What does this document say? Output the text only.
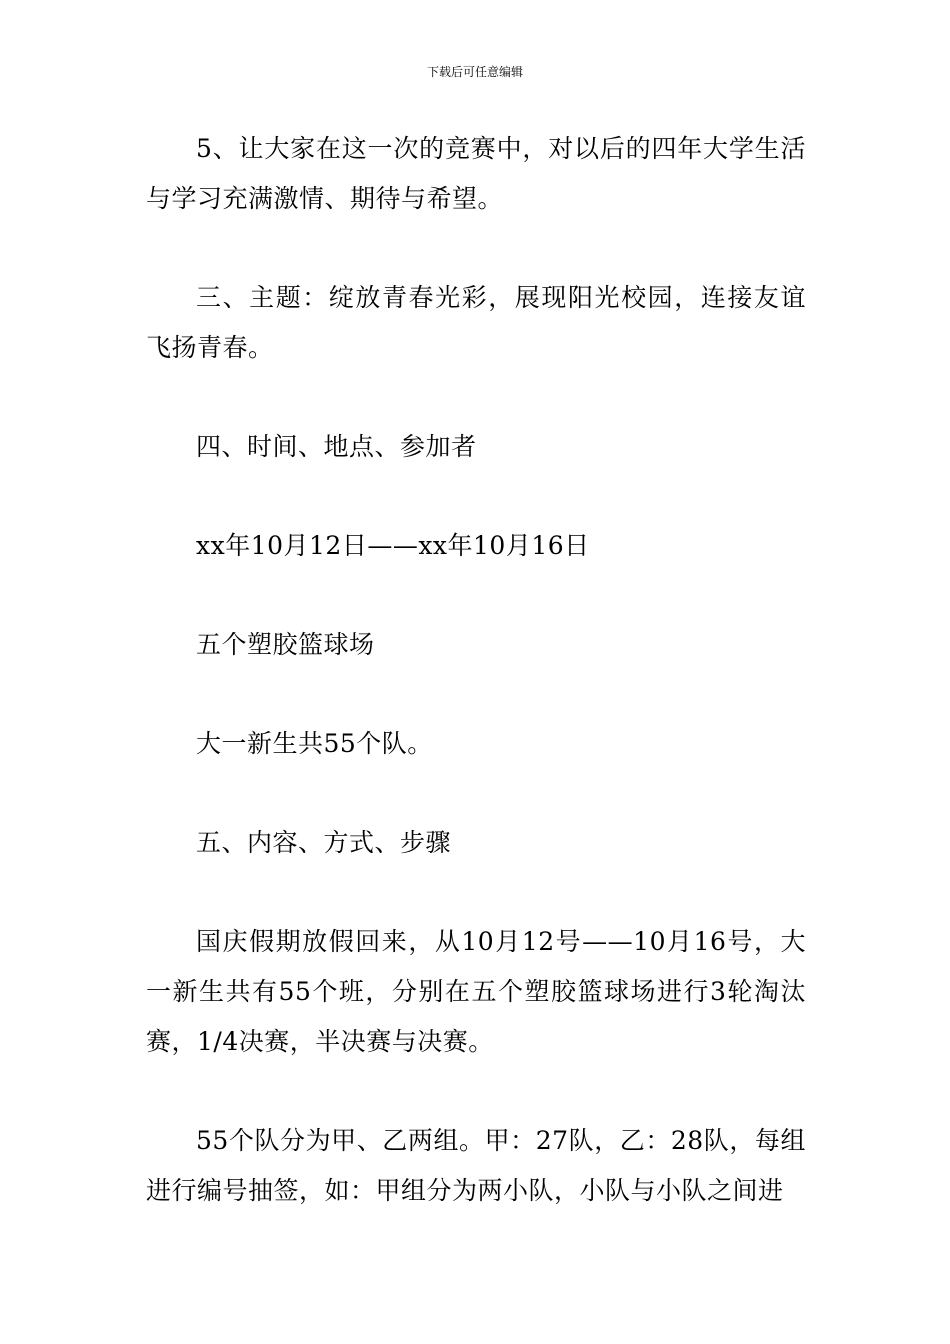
下载后可任意编辑

5、让大家在这一次的竞赛中，对以后的四年大学生活与学习充满激情、期待与希望。

三、主题：绽放青春光彩，展现阳光校园，连接友谊飞扬青春。

四、时间、地点、参加者

xx年10月12日——xx年10月16日

五个塑胶篮球场

大一新生共55个队。

五、内容、方式、步骤

国庆假期放假回来，从10月12号——10月16号，大一新生共有55个班，分别在五个塑胶篮球场进行3轮淘汰赛，1/4决赛，半决赛与决赛。

55个队分为甲、乙两组。甲：27队，乙：28队，每组进行编号抽签，如：甲组分为两小队，小队与小队之间进
